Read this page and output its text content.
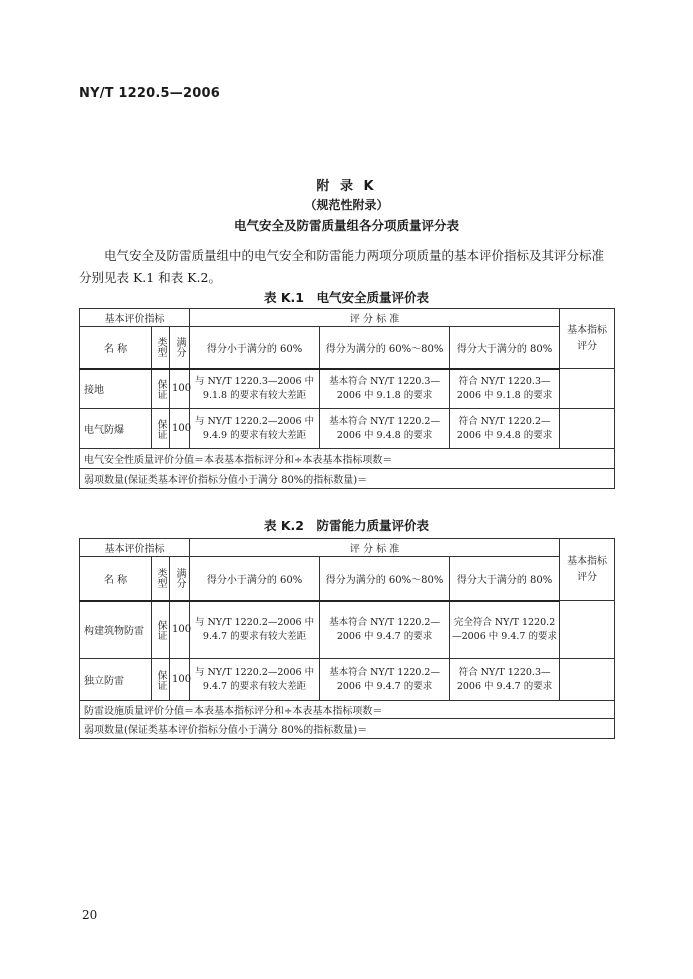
NY/T 1220.5—2006
附 录 K
（规范性附录）
电气安全及防雷质量组各分项质量评分表
电气安全及防雷质量组中的电气安全和防雷能力两项分项质量的基本评价指标及其评分标准分别见表 K.1 和表 K.2。
表 K.1　电气安全质量评价表
基本评价指标			评 分 标 准			基本指标
评分
名 称	类型	满分	得分小于满分的 60%	得分为满分的 60%～80%	得分大于满分的 80%	
接地	保证	100	与 NY/T 1220.3—2006 中 9.1.8 的要求有较大差距	基本符合 NY/T 1220.3—2006 中 9.1.8 的要求	符合 NY/T 1220.3—2006 中 9.1.8 的要求	
电气防爆	保证	100	与 NY/T 1220.2—2006 中 9.4.9 的要求有较大差距	基本符合 NY/T 1220.2—2006 中 9.4.8 的要求	符合 NY/T 1220.2—2006 中 9.4.8 的要求	
电气安全性质量评价分值＝本表基本指标评分和÷本表基本指标项数＝						
弱项数量(保证类基本评价指标分值小于满分 80%的指标数量)＝						
表 K.2　防雷能力质量评价表
基本评价指标			评 分 标 准			基本指标
评分
名 称	类型	满分	得分小于满分的 60%	得分为满分的 60%～80%	得分大于满分的 80%	
构建筑物防雷	保证	100	与 NY/T 1220.2—2006 中 9.4.7 的要求有较大差距	基本符合 NY/T 1220.2—2006 中 9.4.7 的要求	完全符合 NY/T 1220.2—2006 中 9.4.7 的要求	
独立防雷	保证	100	与 NY/T 1220.2—2006 中 9.4.7 的要求有较大差距	基本符合 NY/T 1220.2—2006 中 9.4.7 的要求	符合 NY/T 1220.3—2006 中 9.4.7 的要求	
防雷设施质量评价分值＝本表基本指标评分和÷本表基本指标项数＝						
弱项数量(保证类基本评价指标分值小于满分 80%的指标数量)＝						
20
